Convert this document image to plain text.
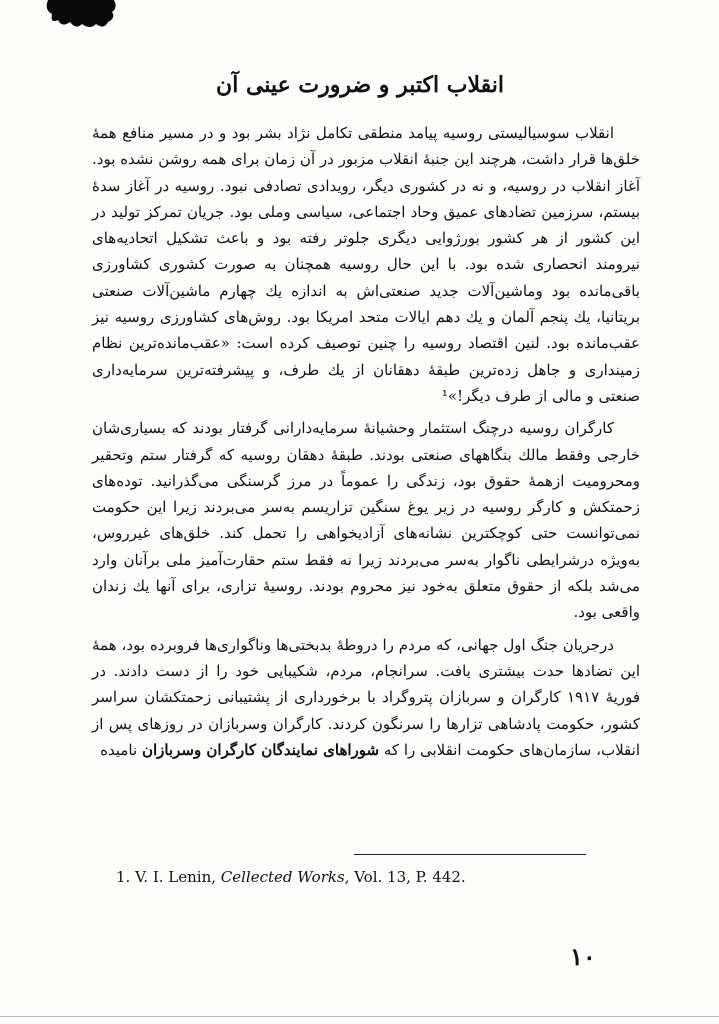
انقلاب اکتبر و ضرورت عینی آن

انقلاب سوسیالیستی روسیه پیامد منطقی تکامل نژاد بشر بود و در مسیر منافع همهٔ خلق‌ها قرار داشت، هرچند این جنبهٔ انقلاب مزبور در آن زمان برای همه روشن نشده بود. آغاز انقلاب در روسیه، و نه در کشوری دیگر، رویدادی تصادفی نبود. روسیه در آغاز سدهٔ بیستم، سرزمین تضادهای عمیق وحاد اجتماعی، سیاسی وملی بود. جریان تمرکز تولید در این کشور از هر کشور بورژوایی دیگری جلوتر رفته بود و باعث تشکیل اتحادیه‌های نیرومند انحصاری شده بود. با این حال روسیه همچنان به صورت کشوری کشاورزی باقی‌مانده بود وماشین‌آلات جدید صنعتی‌اش به اندازه یك چهارم ماشین‌آلات صنعتی بریتانیا، یك پنجم آلمان و یك دهم ایالات متحد امریکا بود. روش‌های کشاورزی روسیه نیز عقب‌مانده بود. لنین اقتصاد روسیه را چنین توصیف کرده است: «عقب‌مانده‌ترین نظام زمینداری و جاهل زده‌ترین طبقهٔ دهقانان از یك طرف، و پیشرفته‌ترین سرمایه‌داری صنعتی و مالی از طرف دیگر!»¹

کارگران روسیه درچنگ استثمار وحشیانهٔ سرمایه‌دارانی گرفتار بودند که بسیاری‌شان خارجی وفقط مالك بنگاههای صنعتی بودند. طبقهٔ دهقان روسیه که گرفتار ستم وتحقیر ومحرومیت ازهمهٔ حقوق بود، زندگی را عموماً در مرز گرسنگی می‌گذرانید. توده‌های زحمتکش و کارگر روسیه در زیر یوغ سنگین تزاریسم به‌سر می‌بردند زیرا این حکومت نمی‌توانست حتی کوچکترین نشانه‌های آزادیخواهی را تحمل کند. خلق‌های غیرروس، به‌ویژه درشرایطی ناگوار به‌سر می‌بردند زیرا نه فقط ستم حقارت‌آمیز ملی برآنان وارد می‌شد بلکه از حقوق متعلق به‌خود نیز محروم بودند. روسیهٔ تزاری، برای آنها یك زندان واقعی بود.

درجریان جنگ اول جهانی، که مردم را دروطهٔ بدبختی‌ها وناگواری‌ها فروبرده بود، همهٔ این تضادها حدت بیشتری یافت. سرانجام، مردم، شکیبایی خود را از دست دادند. در فوریهٔ ۱۹۱۷ کارگران و سربازان پتروگراد با برخورداری از پشتیبانی زحمتکشان سراسر کشور، حکومت پادشاهی تزارها را سرنگون کردند. کارگران وسربازان در روزهای پس از انقلاب، سازمان‌های حکومت انقلابی را که شوراهای نمایندگان کارگران وسربازان نامیده

1. V. I. Lenin, Cellected Works, Vol. 13, P. 442.
۱۰
